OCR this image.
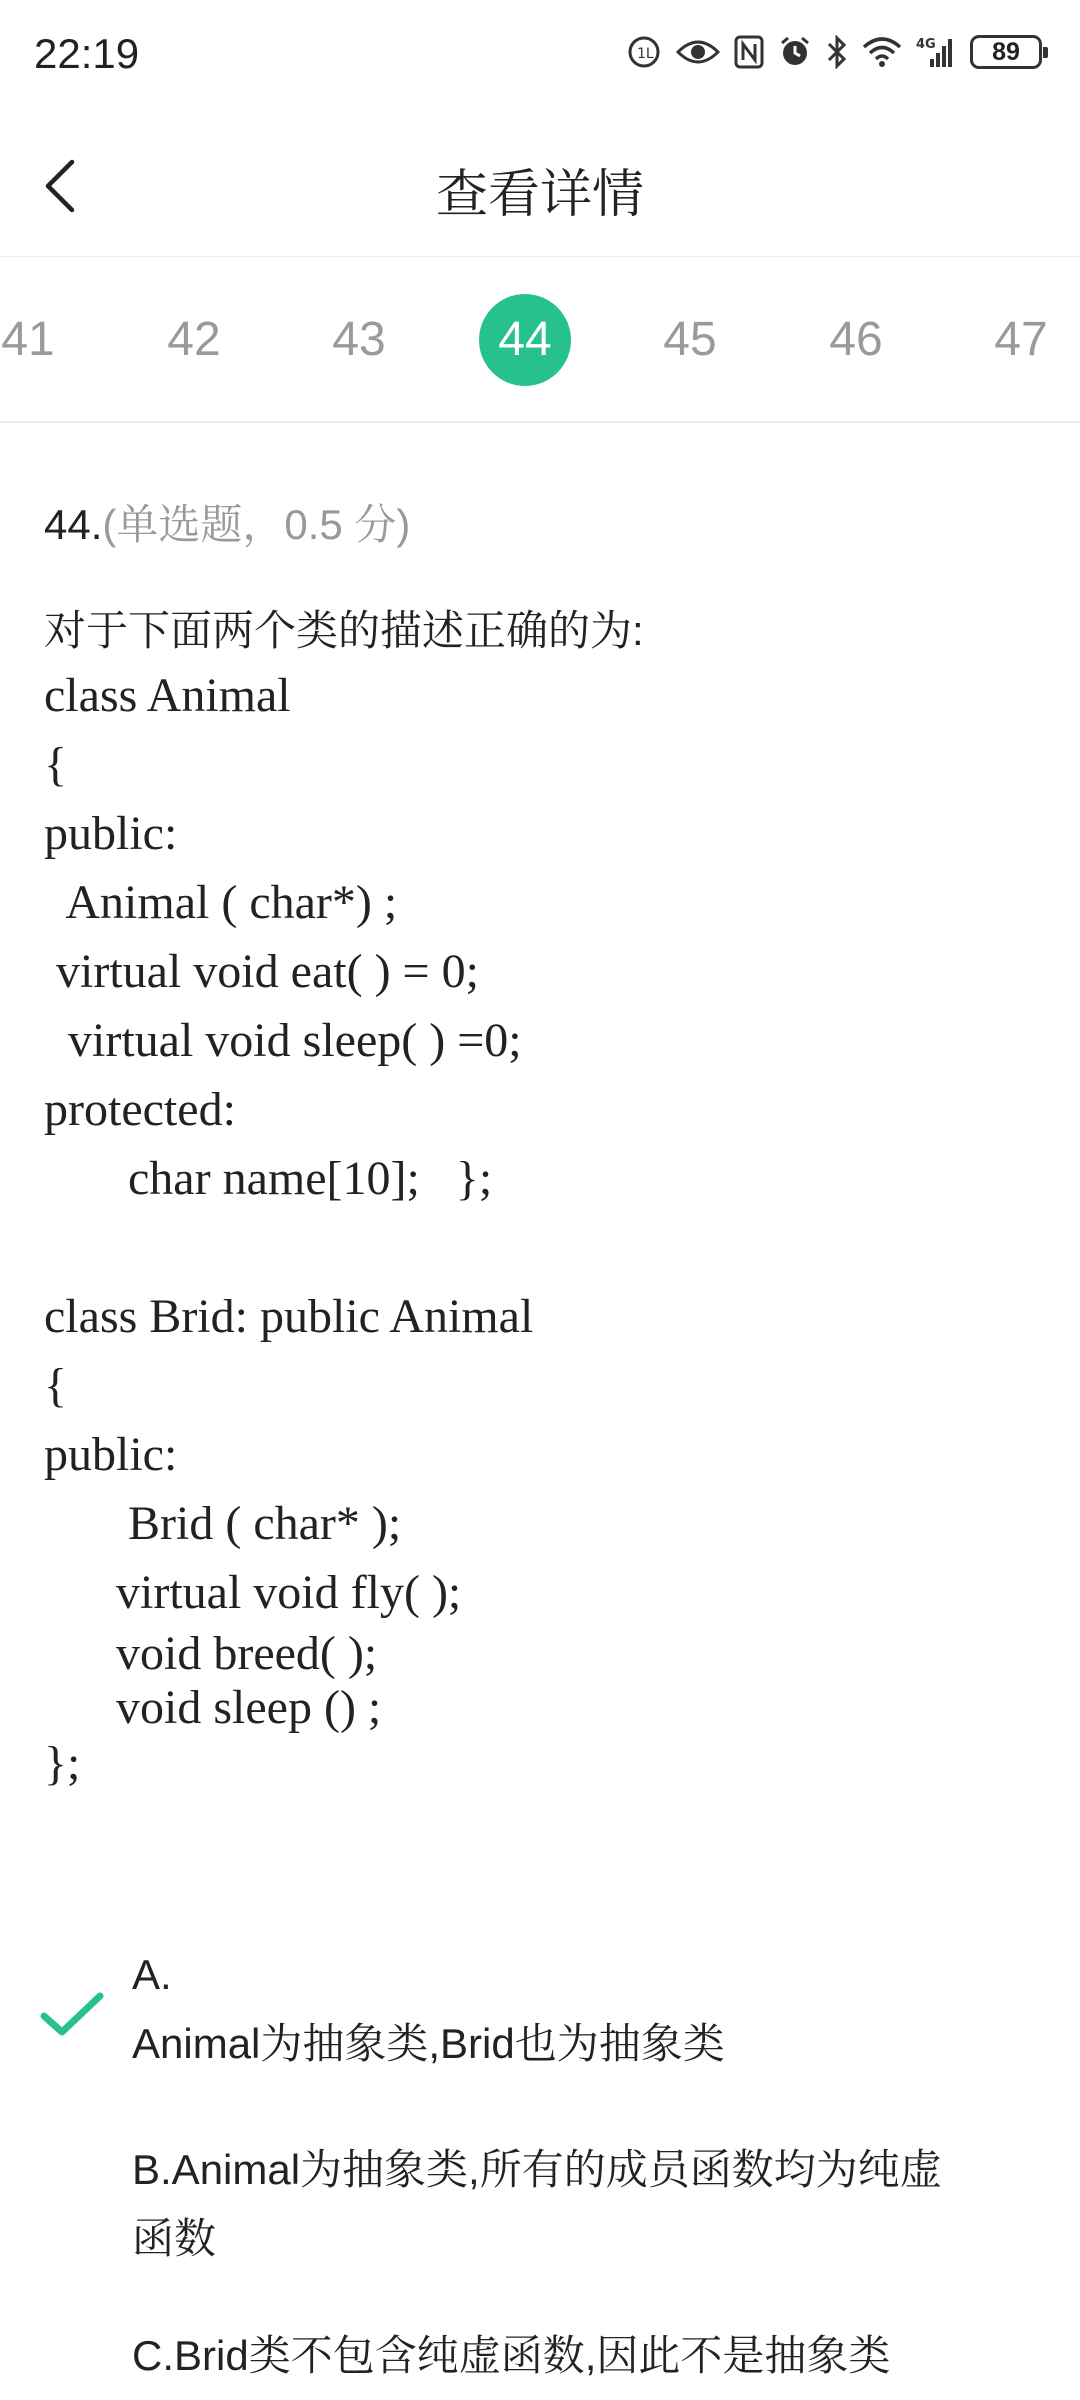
22:19	1L
4G 89
查看详情
41	42	43	44	45	46	47
44.(单选题，0.5 分)
对于下面两个类的描述正确的为:
class Animal
{
public:
Animal ( char*) ;
virtual void eat( ) = 0;
virtual void sleep( ) =0;
protected:
char name[10];   };
class Brid: public Animal
{
public:
Brid ( char* );
virtual void fly( );
void breed( );
void sleep () ;
};
A.
Animal为抽象类,Brid也为抽象类
B.Animal为抽象类,所有的成员函数均为纯虚
函数
C.Brid类不包含纯虚函数,因此不是抽象类
